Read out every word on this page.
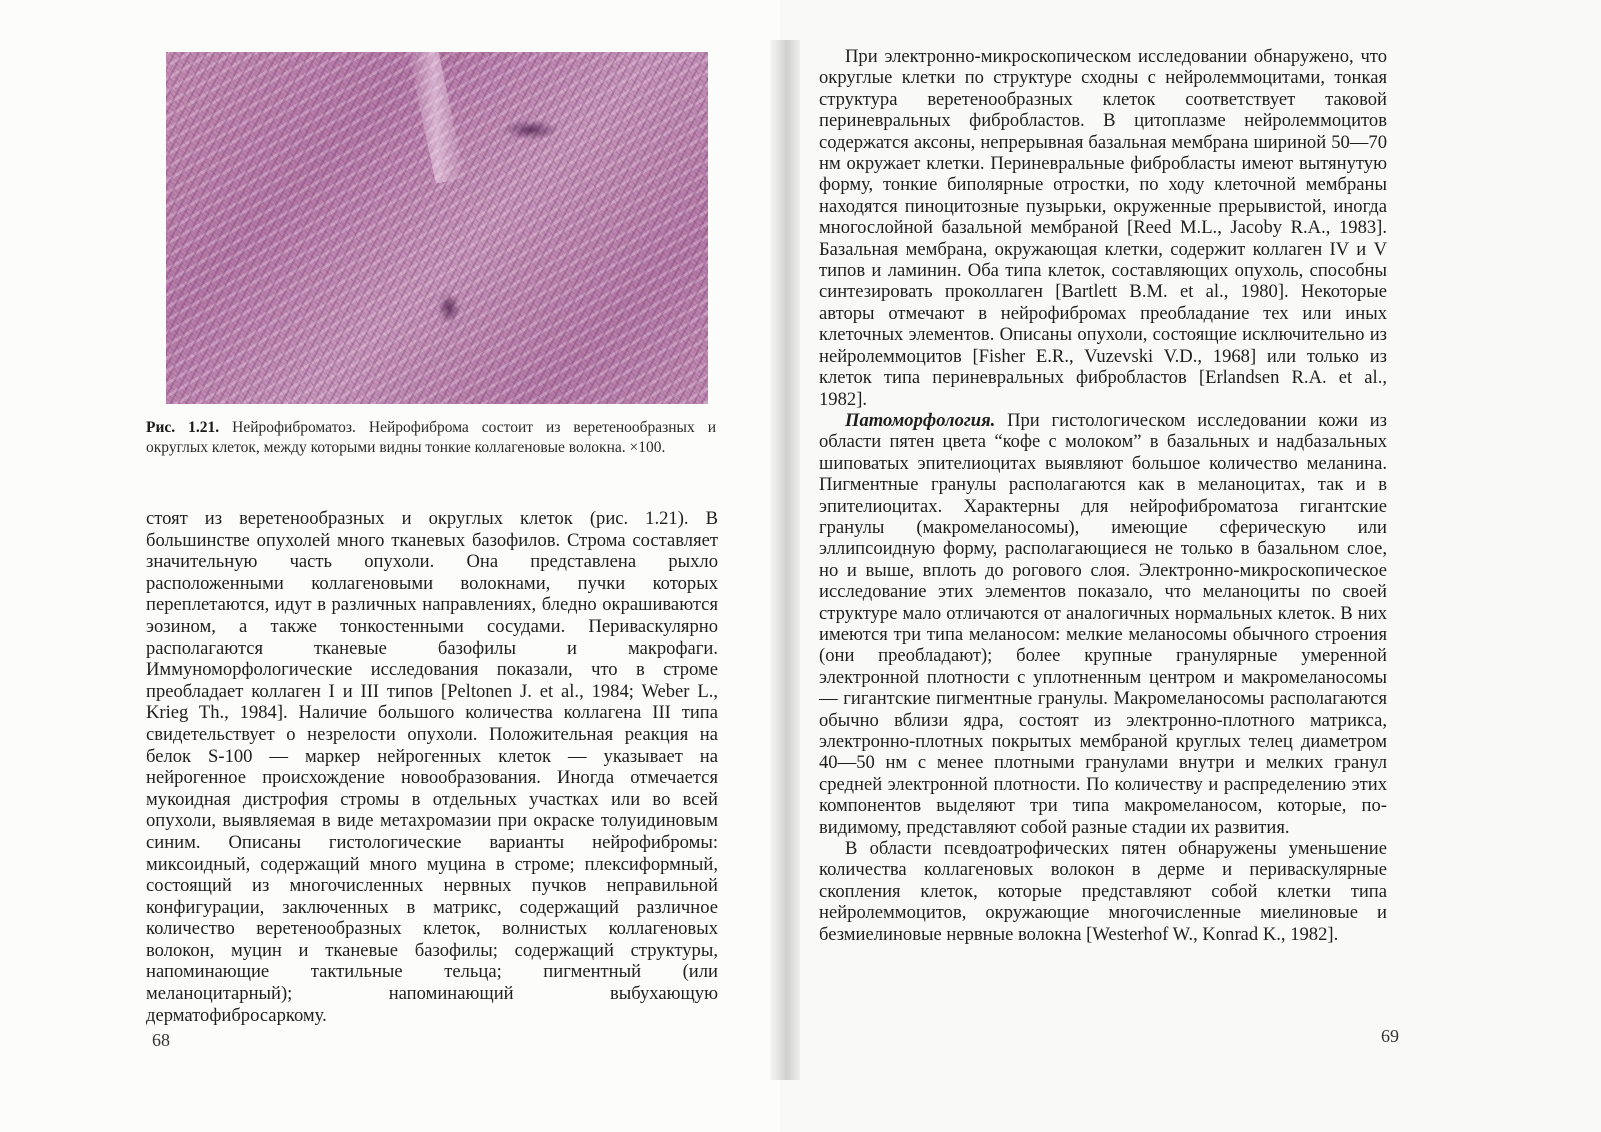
Рис. 1.21. Нейрофиброматоз. Нейрофиброма состоит из веретенообразных и округлых клеток, между которыми видны тонкие коллагеновые волокна. ×100.

стоят из веретенообразных и округлых клеток (рис. 1.21). В большинстве опухолей много тканевых базофилов. Строма составляет значительную часть опухоли. Она представлена рыхло расположенными коллагеновыми волокнами, пучки которых переплетаются, идут в различных направлениях, бледно окрашиваются эозином, а также тонкостенными сосудами. Периваскулярно располагаются тканевые базофилы и макрофаги. Иммуноморфологические исследования показали, что в строме преобладает коллаген I и III типов [Peltonen J. et al., 1984; Weber L., Krieg Th., 1984]. Наличие большого количества коллагена III типа свидетельствует о незрелости опухоли. Положительная реакция на белок S-100 — маркер нейрогенных клеток — указывает на нейрогенное происхождение новообразования. Иногда отмечается мукоидная дистрофия стромы в отдельных участках или во всей опухоли, выявляемая в виде метахромазии при окраске толуидиновым синим. Описаны гистологические варианты нейрофибромы: миксоидный, содержащий много муцина в строме; плексиформный, состоящий из многочисленных нервных пучков неправильной конфигурации, заключенных в матрикс, содержащий различное количество веретенообразных клеток, волнистых коллагеновых волокон, муцин и тканевые базофилы; содержащий структуры, напоминающие тактильные тельца; пигментный (или меланоцитарный); напоминающий выбухающую дерматофибросаркому.

68

При электронно-микроскопическом исследовании обнаружено, что округлые клетки по структуре сходны с нейролеммоцитами, тонкая структура веретенообразных клеток соответствует таковой периневральных фибробластов. В цитоплазме нейролеммоцитов содержатся аксоны, непрерывная базальная мембрана шириной 50—70 нм окружает клетки. Периневральные фибробласты имеют вытянутую форму, тонкие биполярные отростки, по ходу клеточной мембраны находятся пиноцитозные пузырьки, окруженные прерывистой, иногда многослойной базальной мембраной [Reed M.L., Jacoby R.A., 1983]. Базальная мембрана, окружающая клетки, содержит коллаген IV и V типов и ламинин. Оба типа клеток, составляющих опухоль, способны синтезировать проколлаген [Bartlett B.M. et al., 1980]. Некоторые авторы отмечают в нейрофибромах преобладание тех или иных клеточных элементов. Описаны опухоли, состоящие исключительно из нейролеммоцитов [Fisher E.R., Vuzevski V.D., 1968] или только из клеток типа периневральных фибробластов [Erlandsen R.A. et al., 1982].

Патоморфология. При гистологическом исследовании кожи из области пятен цвета “кофе с молоком” в базальных и надбазальных шиповатых эпителиоцитах выявляют большое количество меланина. Пигментные гранулы располагаются как в меланоцитах, так и в эпителиоцитах. Характерны для нейрофиброматоза гигантские гранулы (макромеланосомы), имеющие сферическую или эллипсоидную форму, располагающиеся не только в базальном слое, но и выше, вплоть до рогового слоя. Электронно-микроскопическое исследование этих элементов показало, что меланоциты по своей структуре мало отличаются от аналогичных нормальных клеток. В них имеются три типа меланосом: мелкие меланосомы обычного строения (они преобладают); более крупные гранулярные умеренной электронной плотности с уплотненным центром и макромеланосомы — гигантские пигментные гранулы. Макромеланосомы располагаются обычно вблизи ядра, состоят из электронно-плотного матрикса, электронно-плотных покрытых мембраной круглых телец диаметром 40—50 нм с менее плотными гранулами внутри и мелких гранул средней электронной плотности. По количеству и распределению этих компонентов выделяют три типа макромеланосом, которые, по-видимому, представляют собой разные стадии их развития.

В области псевдоатрофических пятен обнаружены уменьшение количества коллагеновых волокон в дерме и периваскулярные скопления клеток, которые представляют собой клетки типа нейролеммоцитов, окружающие многочисленные миелиновые и безмиелиновые нервные волокна [Westerhof W., Konrad K., 1982].

69
